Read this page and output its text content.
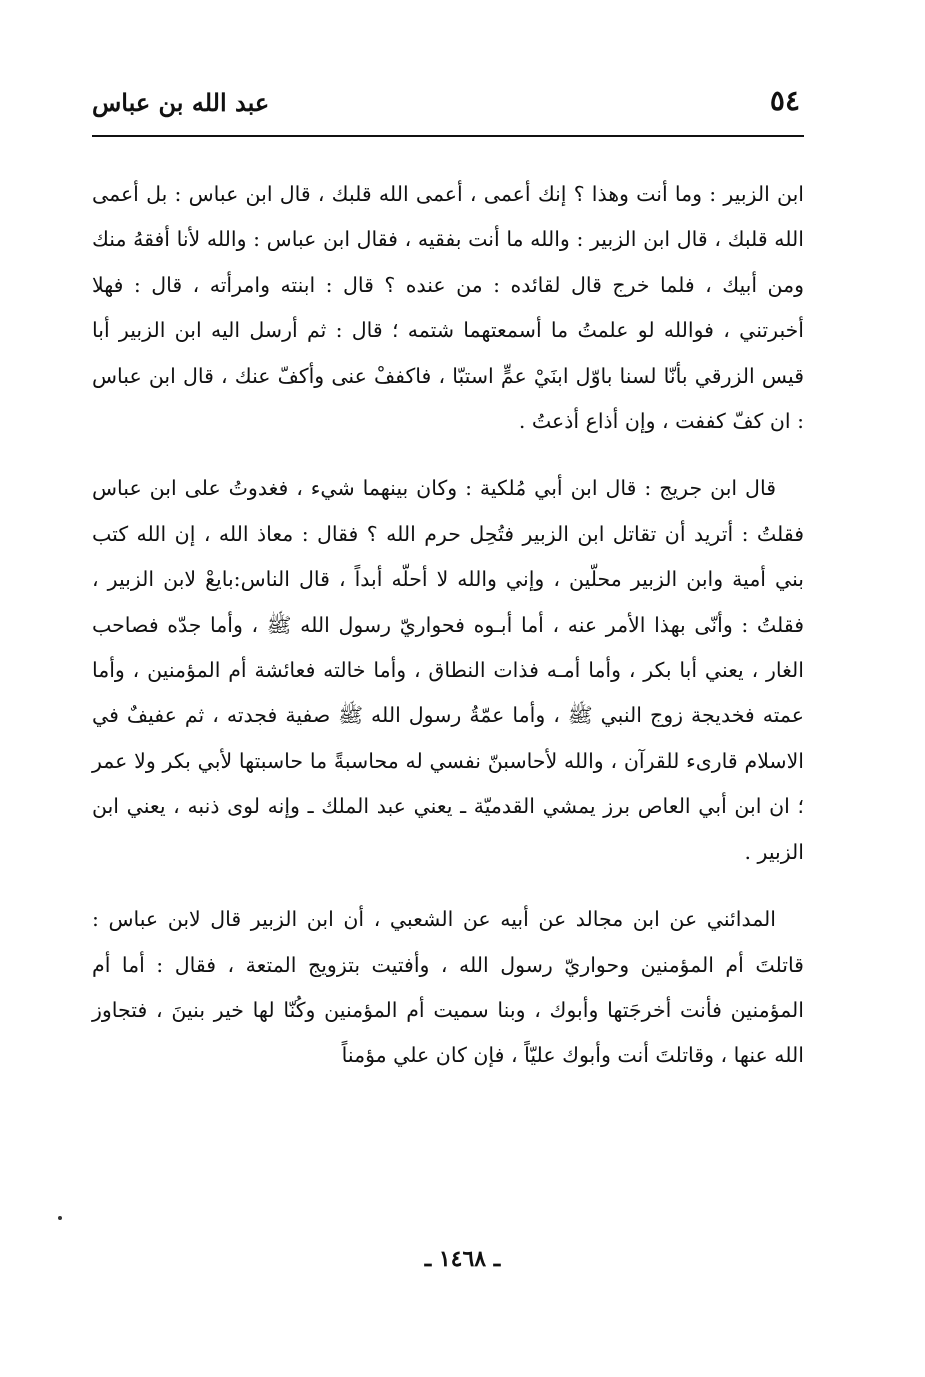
٥٤
عبد الله بن عباس

ابن الزبير : وما أنت وهذا ؟ إنك أعمى ، أعمى الله قلبك ، قال ابن عباس : بل أعمى الله قلبك ، قال ابن الزبير : والله ما أنت بفقيه ، فقال ابن عباس : والله لأنا أفقهُ منك ومن أبيك ، فلما خرج قال لقائده : من عنده ؟ قال : ابنته وامرأته ، قال : فهلا أخبرتني ، فوالله لو علمتُ ما أسمعتهما شتمه ؛ قال : ثم أرسل اليه ابن الزبير أبا قيس الزرقي بأنّا لسنا باوّل ابنَيْ عمٍّ استبّا ، فاكففْ عنى وأكفّ عنك ، قال ابن عباس : ان كفّ كففت ، وإن أذاع أذعتُ .

قال ابن جريج : قال ابن أبي مُلكية : وكان بينهما شيء ، فغدوتُ على ابن عباس فقلتُ : أتريد أن تقاتل ابن الزبير فتُحِل حرم الله ؟ فقال : معاذ الله ، إن الله كتب بني أمية وابن الزبير محلّين ، وإني والله لا أحلّه أبداً ، قال الناس:بايعْ لابن الزبير ، فقلتُ : وأنّى بهذا الأمر عنه ، أما أبـوه فحواريّ رسول الله ﷺ ، وأما جدّه فصاحب الغار ، يعني أبا بكر ، وأما أمـه فذات النطاق ، وأما خالته فعائشة أم المؤمنين ، وأما عمته فخديجة زوج النبي ﷺ ، وأما عمّةُ رسول الله ﷺ صفية فجدته ، ثم عفيفٌ في الاسلام قارىء للقرآن ، والله لأحاسبنّ نفسي له محاسبةً ما حاسبتها لأبي بكر ولا عمر ؛ ان ابن أبي العاص برز يمشي القدميّة ـ يعني عبد الملك ـ وإنه لوى ذنبه ، يعني ابن الزبير .

المدائني عن ابن مجالد عن أبيه عن الشعبي ، أن ابن الزبير قال لابن عباس : قاتلتَ أم المؤمنين وحواريّ رسول الله ، وأفتيت بتزويج المتعة ، فقال : أما أم المؤمنين فأنت أخرجَتها وأبوك ، وبنا سميت أم المؤمنين وكُنّا لها خير بنينَ ، فتجاوز الله عنها ، وقاتلتَ أنت وأبوك عليّاً ، فإن كان علي مؤمناً

ـ ١٤٦٨ ـ
